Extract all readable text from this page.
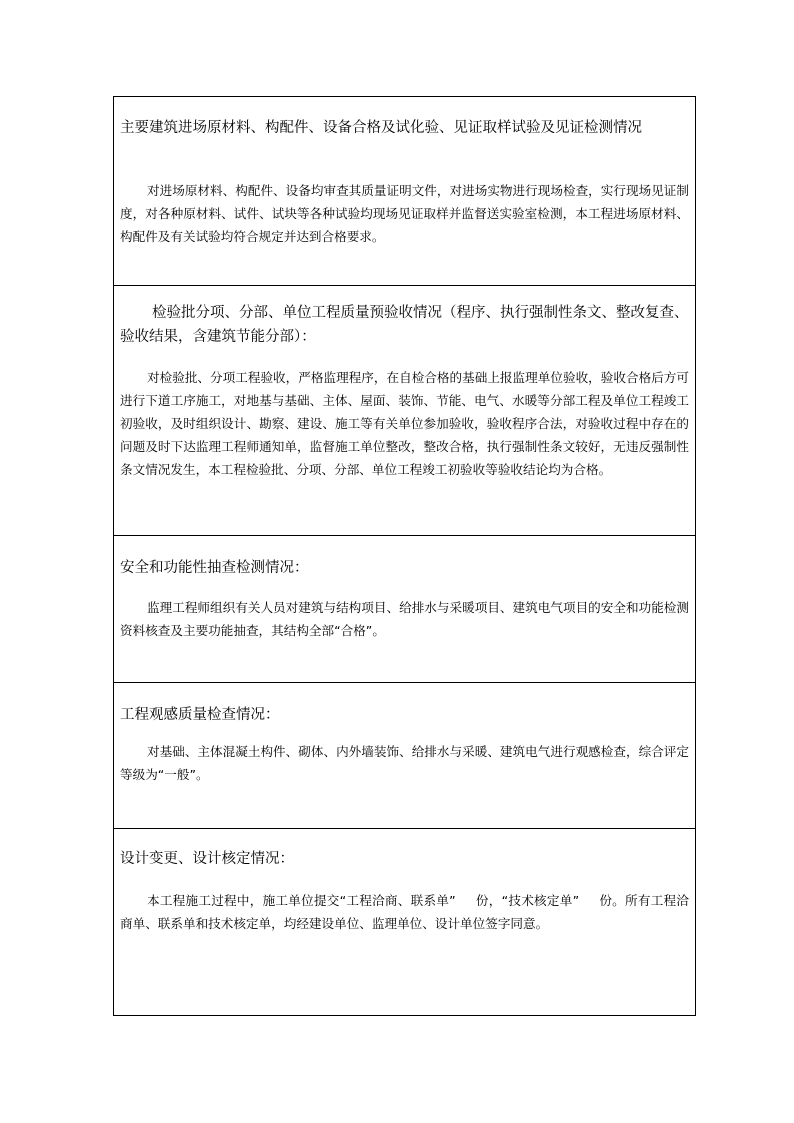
主要建筑进场原材料、构配件、设备合格及试化验、见证取样试验及见证检测情况
对进场原材料、构配件、设备均审查其质量证明文件，对进场实物进行现场检查，实行现场见证制度，对各种原材料、试件、试块等各种试验均现场见证取样并监督送实验室检测，本工程进场原材料、构配件及有关试验均符合规定并达到合格要求。
检验批分项、分部、单位工程质量预验收情况（程序、执行强制性条文、整改复查、验收结果，含建筑节能分部）：
对检验批、分项工程验收，严格监理程序，在自检合格的基础上报监理单位验收，验收合格后方可进行下道工序施工，对地基与基础、主体、屋面、装饰、节能、电气、水暖等分部工程及单位工程竣工初验收，及时组织设计、勘察、建设、施工等有关单位参加验收，验收程序合法，对验收过程中存在的问题及时下达监理工程师通知单，监督施工单位整改，整改合格，执行强制性条文较好，无违反强制性条文情况发生，本工程检验批、分项、分部、单位工程竣工初验收等验收结论均为合格。
安全和功能性抽查检测情况：
监理工程师组织有关人员对建筑与结构项目、给排水与采暖项目、建筑电气项目的安全和功能检测资料核查及主要功能抽查，其结构全部“合格”。
工程观感质量检查情况：
对基础、主体混凝土构件、砌体、内外墙装饰、给排水与采暖、建筑电气进行观感检查，综合评定等级为“一般”。
设计变更、设计核定情况：
本工程施工过程中，施工单位提交“工程洽商、联系单” 份，“技术核定单” 份。所有工程洽商单、联系单和技术核定单，均经建设单位、监理单位、设计单位签字同意。
